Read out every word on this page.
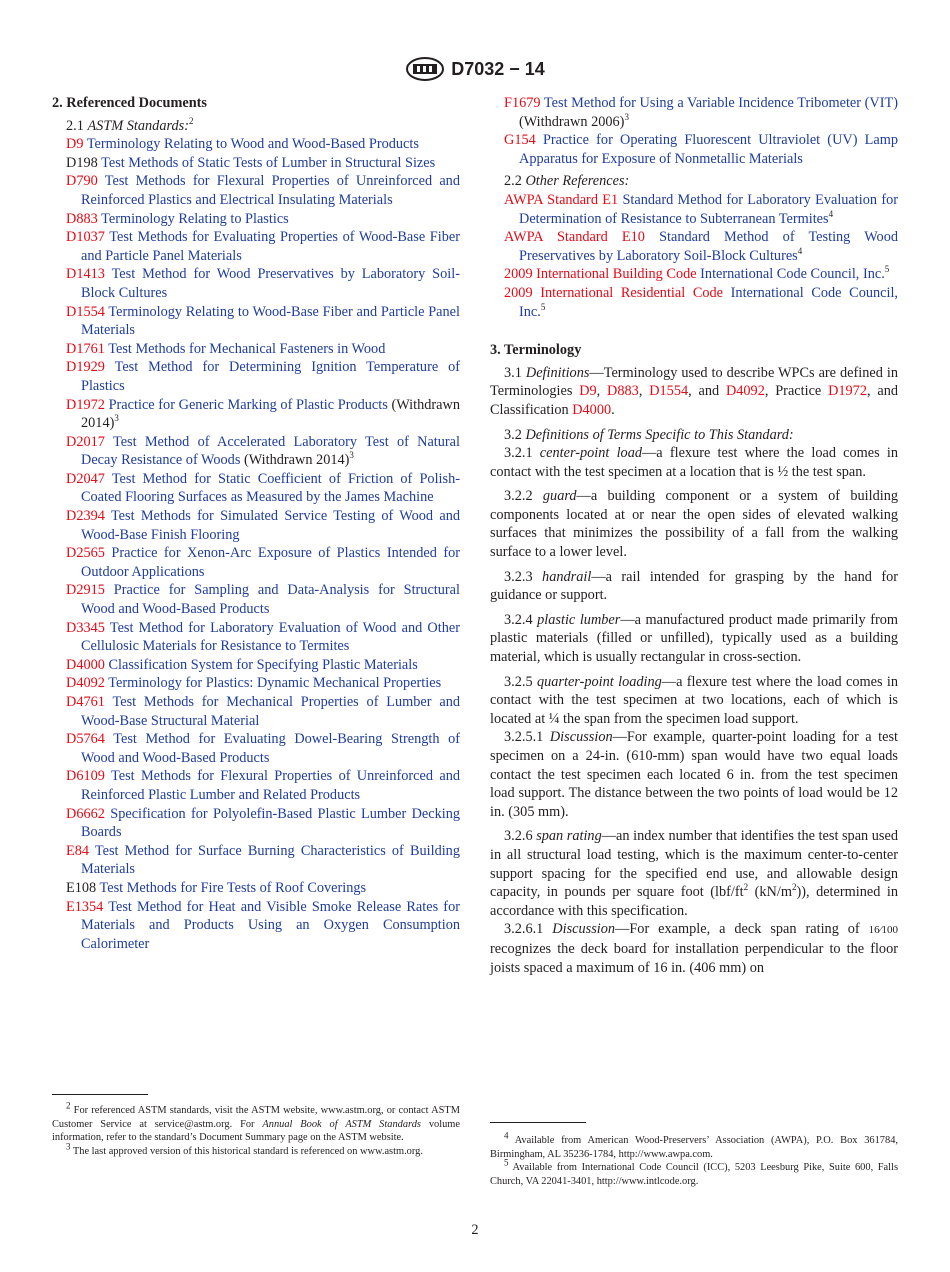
D7032 − 14
2. Referenced Documents
2.1 ASTM Standards:$^2$
D9 Terminology Relating to Wood and Wood-Based Products
D198 Test Methods of Static Tests of Lumber in Structural Sizes
D790 Test Methods for Flexural Properties of Unreinforced and Reinforced Plastics and Electrical Insulating Materials
D883 Terminology Relating to Plastics
D1037 Test Methods for Evaluating Properties of Wood-Base Fiber and Particle Panel Materials
D1413 Test Method for Wood Preservatives by Laboratory Soil-Block Cultures
D1554 Terminology Relating to Wood-Base Fiber and Particle Panel Materials
D1761 Test Methods for Mechanical Fasteners in Wood
D1929 Test Method for Determining Ignition Temperature of Plastics
D1972 Practice for Generic Marking of Plastic Products (Withdrawn 2014)$^3$
D2017 Test Method of Accelerated Laboratory Test of Natural Decay Resistance of Woods (Withdrawn 2014)$^3$
D2047 Test Method for Static Coefficient of Friction of Polish-Coated Flooring Surfaces as Measured by the James Machine
D2394 Test Methods for Simulated Service Testing of Wood and Wood-Base Finish Flooring
D2565 Practice for Xenon-Arc Exposure of Plastics Intended for Outdoor Applications
D2915 Practice for Sampling and Data-Analysis for Structural Wood and Wood-Based Products
D3345 Test Method for Laboratory Evaluation of Wood and Other Cellulosic Materials for Resistance to Termites
D4000 Classification System for Specifying Plastic Materials
D4092 Terminology for Plastics: Dynamic Mechanical Properties
D4761 Test Methods for Mechanical Properties of Lumber and Wood-Base Structural Material
D5764 Test Method for Evaluating Dowel-Bearing Strength of Wood and Wood-Based Products
D6109 Test Methods for Flexural Properties of Unreinforced and Reinforced Plastic Lumber and Related Products
D6662 Specification for Polyolefin-Based Plastic Lumber Decking Boards
E84 Test Method for Surface Burning Characteristics of Building Materials
E108 Test Methods for Fire Tests of Roof Coverings
E1354 Test Method for Heat and Visible Smoke Release Rates for Materials and Products Using an Oxygen Consumption Calorimeter
F1679 Test Method for Using a Variable Incidence Tribometer (VIT) (Withdrawn 2006)$^3$
G154 Practice for Operating Fluorescent Ultraviolet (UV) Lamp Apparatus for Exposure of Nonmetallic Materials
2.2 Other References:
AWPA Standard E1 Standard Method for Laboratory Evaluation for Determination of Resistance to Subterranean Termites$^4$
AWPA Standard E10 Standard Method of Testing Wood Preservatives by Laboratory Soil-Block Cultures$^4$
2009 International Building Code International Code Council, Inc.$^5$
2009 International Residential Code International Code Council, Inc.$^5$
3. Terminology

3.1 Definitions—Terminology used to describe WPCs are defined in Terminologies D9, D883, D1554, and D4092, Practice D1972, and Classification D4000.

3.2 Definitions of Terms Specific to This Standard:

3.2.1 center-point load—a flexure test where the load comes in contact with the test specimen at a location that is ½ the test span.

3.2.2 guard—a building component or a system of building components located at or near the open sides of elevated walking surfaces that minimizes the possibility of a fall from the walking surface to a lower level.

3.2.3 handrail—a rail intended for grasping by the hand for guidance or support.

3.2.4 plastic lumber—a manufactured product made primarily from plastic materials (filled or unfilled), typically used as a building material, which is usually rectangular in cross-section.

3.2.5 quarter-point loading—a flexure test where the load comes in contact with the test specimen at two locations, each of which is located at ¼ the span from the specimen load support.

3.2.5.1 Discussion—For example, quarter-point loading for a test specimen on a 24-in. (610-mm) span would have two equal loads contact the test specimen each located 6 in. from the test specimen load support. The distance between the two points of load would be 12 in. (305 mm).

3.2.6 span rating—an index number that identifies the test span used in all structural load testing, which is the maximum center-to-center support spacing for the specified end use, and allowable design capacity, in pounds per square foot ($lbf/ft^2$ $(kN/m^2)$), determined in accordance with this specification.

3.2.6.1 Discussion—For example, a deck span rating of 16⁄100 recognizes the deck board for installation perpendicular to the floor joists spaced a maximum of 16 in. (406 mm) on

$^2$ For referenced ASTM standards, visit the ASTM website, www.astm.org, or contact ASTM Customer Service at service@astm.org. For Annual Book of ASTM Standards volume information, refer to the standard’s Document Summary page on the ASTM website.

$^3$ The last approved version of this historical standard is referenced on www.astm.org.

$^4$ Available from American Wood-Preservers’ Association (AWPA), P.O. Box 361784, Birmingham, AL 35236-1784, http://www.awpa.com.

$^5$ Available from International Code Council (ICC), 5203 Leesburg Pike, Suite 600, Falls Church, VA 22041-3401, http://www.intlcode.org.

2
